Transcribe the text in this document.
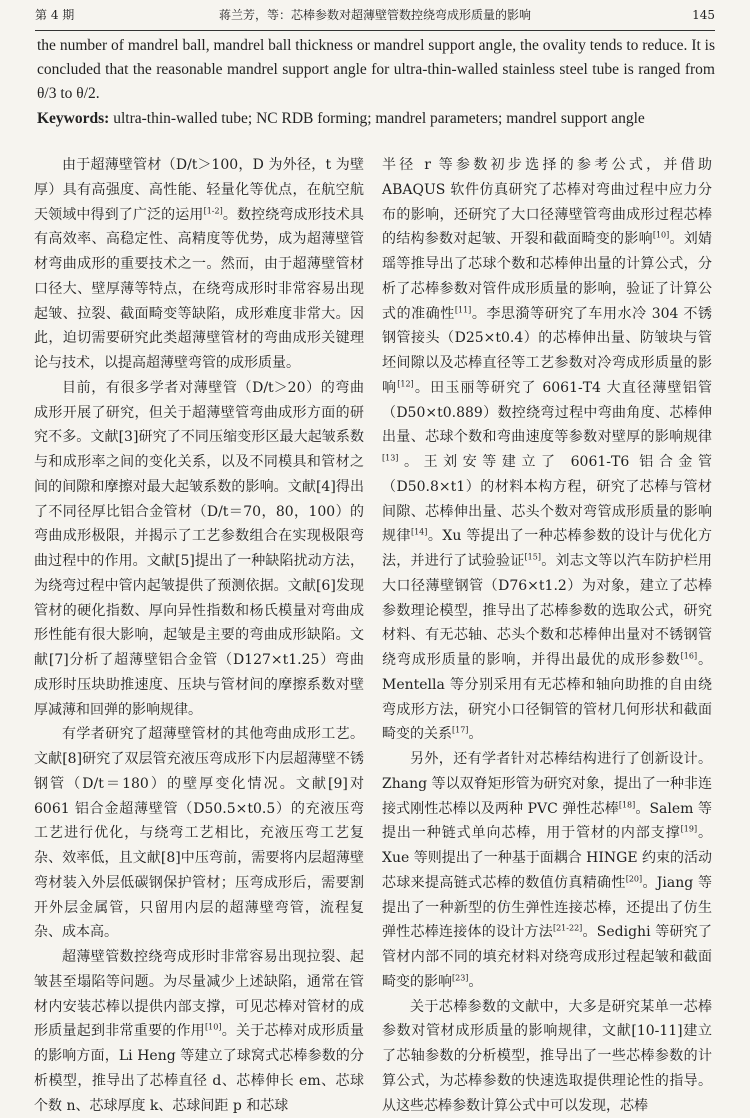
第 4 期	蒋兰芳，等：芯棒参数对超薄壁管数控绕弯成形质量的影响	145
the number of mandrel ball, mandrel ball thickness or mandrel support angle, the ovality tends to reduce. It is concluded that the reasonable mandrel support angle for ultra-thin-walled stainless steel tube is ranged from θ/3 to θ/2.
Keywords: ultra-thin-walled tube; NC RDB forming; mandrel parameters; mandrel support angle

由于超薄壁管材（D/t＞100，D 为外径，t 为壁厚）具有高强度、高性能、轻量化等优点，在航空航天领域中得到了广泛的运用[1-2]。数控绕弯成形技术具有高效率、高稳定性、高精度等优势，成为超薄壁管材弯曲成形的重要技术之一。然而，由于超薄壁管材口径大、壁厚薄等特点，在绕弯成形时非常容易出现起皱、拉裂、截面畸变等缺陷，成形难度非常大。因此，迫切需要研究此类超薄壁管材的弯曲成形关键理论与技术，以提高超薄壁弯管的成形质量。

目前，有很多学者对薄壁管（D/t＞20）的弯曲成形开展了研究，但关于超薄壁管弯曲成形方面的研究不多。文献[3]研究了不同压缩变形区最大起皱系数与和成形率之间的变化关系，以及不同模具和管材之间的间隙和摩擦对最大起皱系数的影响。文献[4]得出了不同径厚比铝合金管材（D/t＝70，80，100）的弯曲成形极限，并揭示了工艺参数组合在实现极限弯曲过程中的作用。文献[5]提出了一种缺陷扰动方法，为绕弯过程中管内起皱提供了预测依据。文献[6]发现管材的硬化指数、厚向异性指数和杨氏模量对弯曲成形性能有很大影响，起皱是主要的弯曲成形缺陷。文献[7]分析了超薄壁铝合金管（D127×t1.25）弯曲成形时压块助推速度、压块与管材间的摩擦系数对壁厚减薄和回弹的影响规律。

有学者研究了超薄壁管材的其他弯曲成形工艺。文献[8]研究了双层管充液压弯成形下内层超薄壁不锈钢管（D/t＝180）的壁厚变化情况。文献[9]对 6061 铝合金超薄壁管（D50.5×t0.5）的充液压弯工艺进行优化，与绕弯工艺相比，充液压弯工艺复杂、效率低，且文献[8]中压弯前，需要将内层超薄壁弯材装入外层低碳钢保护管材；压弯成形后，需要割开外层金属管，只留用内层的超薄壁弯管，流程复杂、成本高。

超薄壁管数控绕弯成形时非常容易出现拉裂、起皱甚至塌陷等问题。为尽量减少上述缺陷，通常在管材内安装芯棒以提供内部支撑，可见芯棒对管材的成形质量起到非常重要的作用[10]。关于芯棒对成形质量的影响方面，Li Heng 等建立了球窝式芯棒参数的分析模型，推导出了芯棒直径 d、芯棒伸长 em、芯球个数 n、芯球厚度 k、芯球间距 p 和芯球

半径 r 等参数初步选择的参考公式，并借助 ABAQUS 软件仿真研究了芯棒对弯曲过程中应力分布的影响，还研究了大口径薄壁管弯曲成形过程芯棒的结构参数对起皱、开裂和截面畸变的影响[10]。刘婧瑶等推导出了芯球个数和芯棒伸出量的计算公式，分析了芯棒参数对管件成形质量的影响，验证了计算公式的准确性[11]。李思漪等研究了车用水冷 304 不锈钢管接头（D25×t0.4）的芯棒伸出量、防皱块与管坯间隙以及芯棒直径等工艺参数对冷弯成形质量的影响[12]。田玉丽等研究了 6061-T4 大直径薄壁铝管（D50×t0.889）数控绕弯过程中弯曲角度、芯棒伸出量、芯球个数和弯曲速度等参数对壁厚的影响规律[13]。王刘安等建立了 6061-T6 铝合金管（D50.8×t1）的材料本构方程，研究了芯棒与管材间隙、芯棒伸出量、芯头个数对弯管成形质量的影响规律[14]。Xu 等提出了一种芯棒参数的设计与优化方法，并进行了试验验证[15]。刘志文等以汽车防护栏用大口径薄壁钢管（D76×t1.2）为对象，建立了芯棒参数理论模型，推导出了芯棒参数的选取公式，研究材料、有无芯轴、芯头个数和芯棒伸出量对不锈钢管绕弯成形质量的影响，并得出最优的成形参数[16]。Mentella 等分别采用有无芯棒和轴向助推的自由绕弯成形方法，研究小口径铜管的管材几何形状和截面畸变的关系[17]。

另外，还有学者针对芯棒结构进行了创新设计。Zhang 等以双脊矩形管为研究对象，提出了一种非连接式刚性芯棒以及两种 PVC 弹性芯棒[18]。Salem 等提出一种链式单向芯棒，用于管材的内部支撑[19]。Xue 等则提出了一种基于面耦合 HINGE 约束的活动芯球来提高链式芯棒的数值仿真精确性[20]。Jiang 等提出了一种新型的仿生弹性连接芯棒，还提出了仿生弹性芯棒连接体的设计方法[21-22]。Sedighi 等研究了管材内部不同的填充材料对绕弯成形过程起皱和截面畸变的影响[23]。

关于芯棒参数的文献中，大多是研究某单一芯棒参数对管材成形质量的影响规律，文献[10-11]建立了芯轴参数的分析模型，推导出了一些芯棒参数的计算公式，为芯棒参数的快速选取提供理论性的指导。从这些芯棒参数计算公式中可以发现，芯棒
